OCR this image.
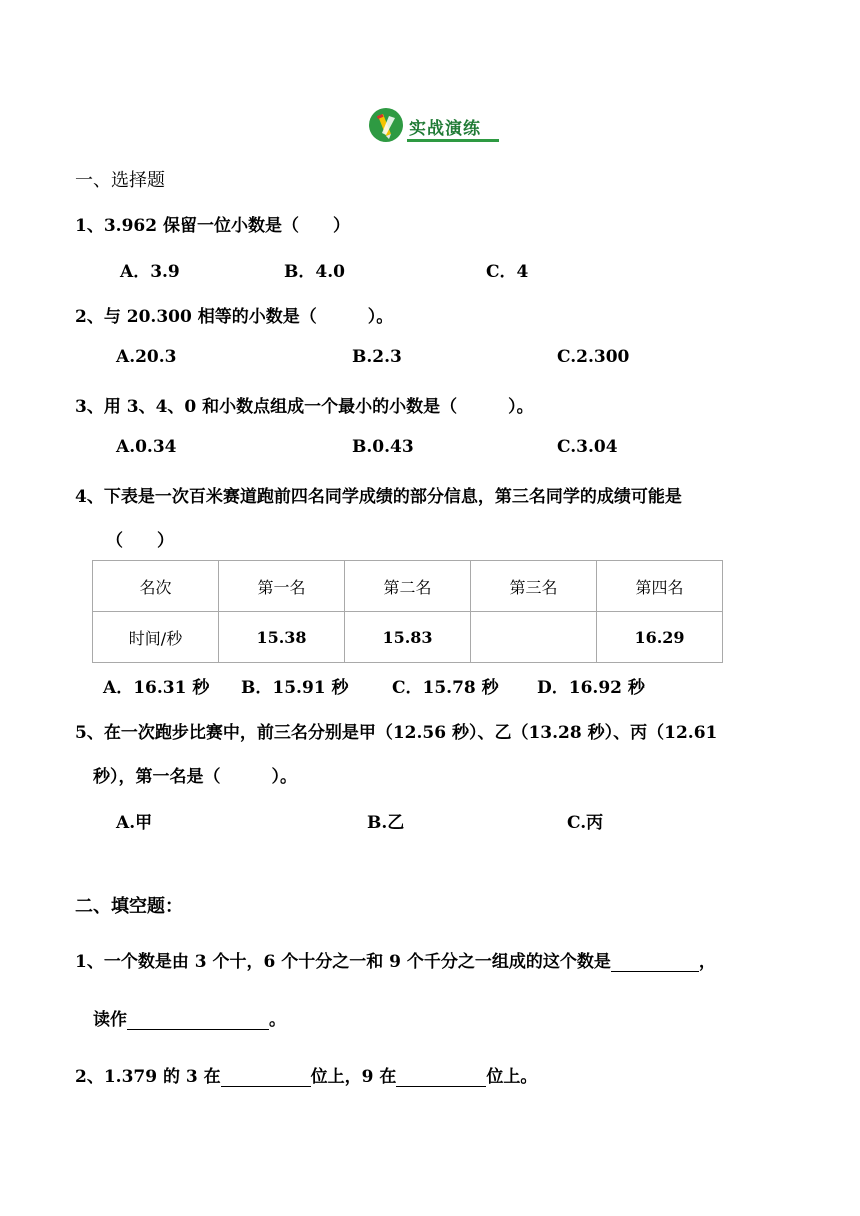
实战演练
一、选择题
1、3.962 保留一位小数是（　　）
A．3.9	B．4.0	C．4
2、与 20.300 相等的小数是（　　　）。
A.20.3	B.2.3	C.2.300
3、用 3、4、0 和小数点组成一个最小的小数是（　　　）。
A.0.34	B.0.43	C.3.04
4、下表是一次百米赛道跑前四名同学成绩的部分信息，第三名同学的成绩可能是
（　　）
名次	第一名	第二名	第三名	第四名
时间/秒	15.38	15.83		16.29
A．16.31 秒 B．15.91 秒	C．15.78 秒 D．16.92 秒
5、在一次跑步比赛中，前三名分别是甲（12.56 秒）、乙（13.28 秒）、丙（12.61
秒），第一名是（　　　）。
A.甲	B.乙	C.丙
二、填空题：
1、一个数是由 3 个十，6 个十分之一和 9 个千分之一组成的这个数是	，
读作	。
2、1.379 的 3 在	位上，9 在	位上。
